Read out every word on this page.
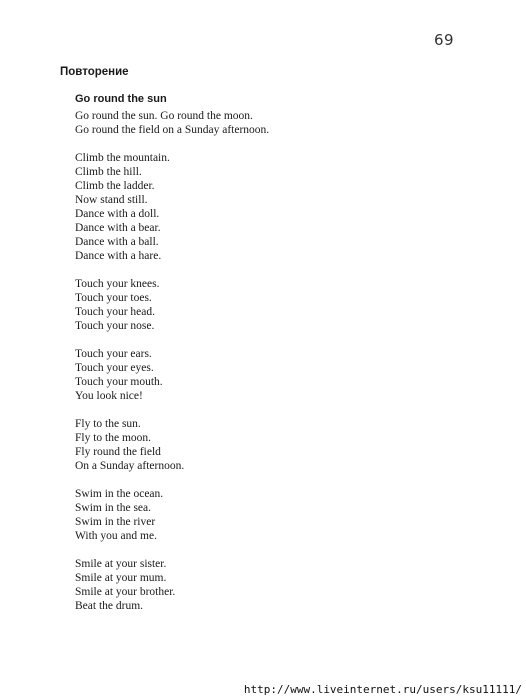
69
Повторение
Go round the sun
Go round the sun. Go round the moon.
Go round the field on a Sunday afternoon.
Climb the mountain.
Climb the hill.
Climb the ladder.
Now stand still.
Dance with a doll.
Dance with a bear.
Dance with a ball.
Dance with a hare.
Touch your knees.
Touch your toes.
Touch your head.
Touch your nose.
Touch your ears.
Touch your eyes.
Touch your mouth.
You look nice!
Fly to the sun.
Fly to the moon.
Fly round the field
On a Sunday afternoon.
Swim in the ocean.
Swim in the sea.
Swim in the river
With you and me.
Smile at your sister.
Smile at your mum.
Smile at your brother.
Beat the drum.
http://www.liveinternet.ru/users/ksu11111/
